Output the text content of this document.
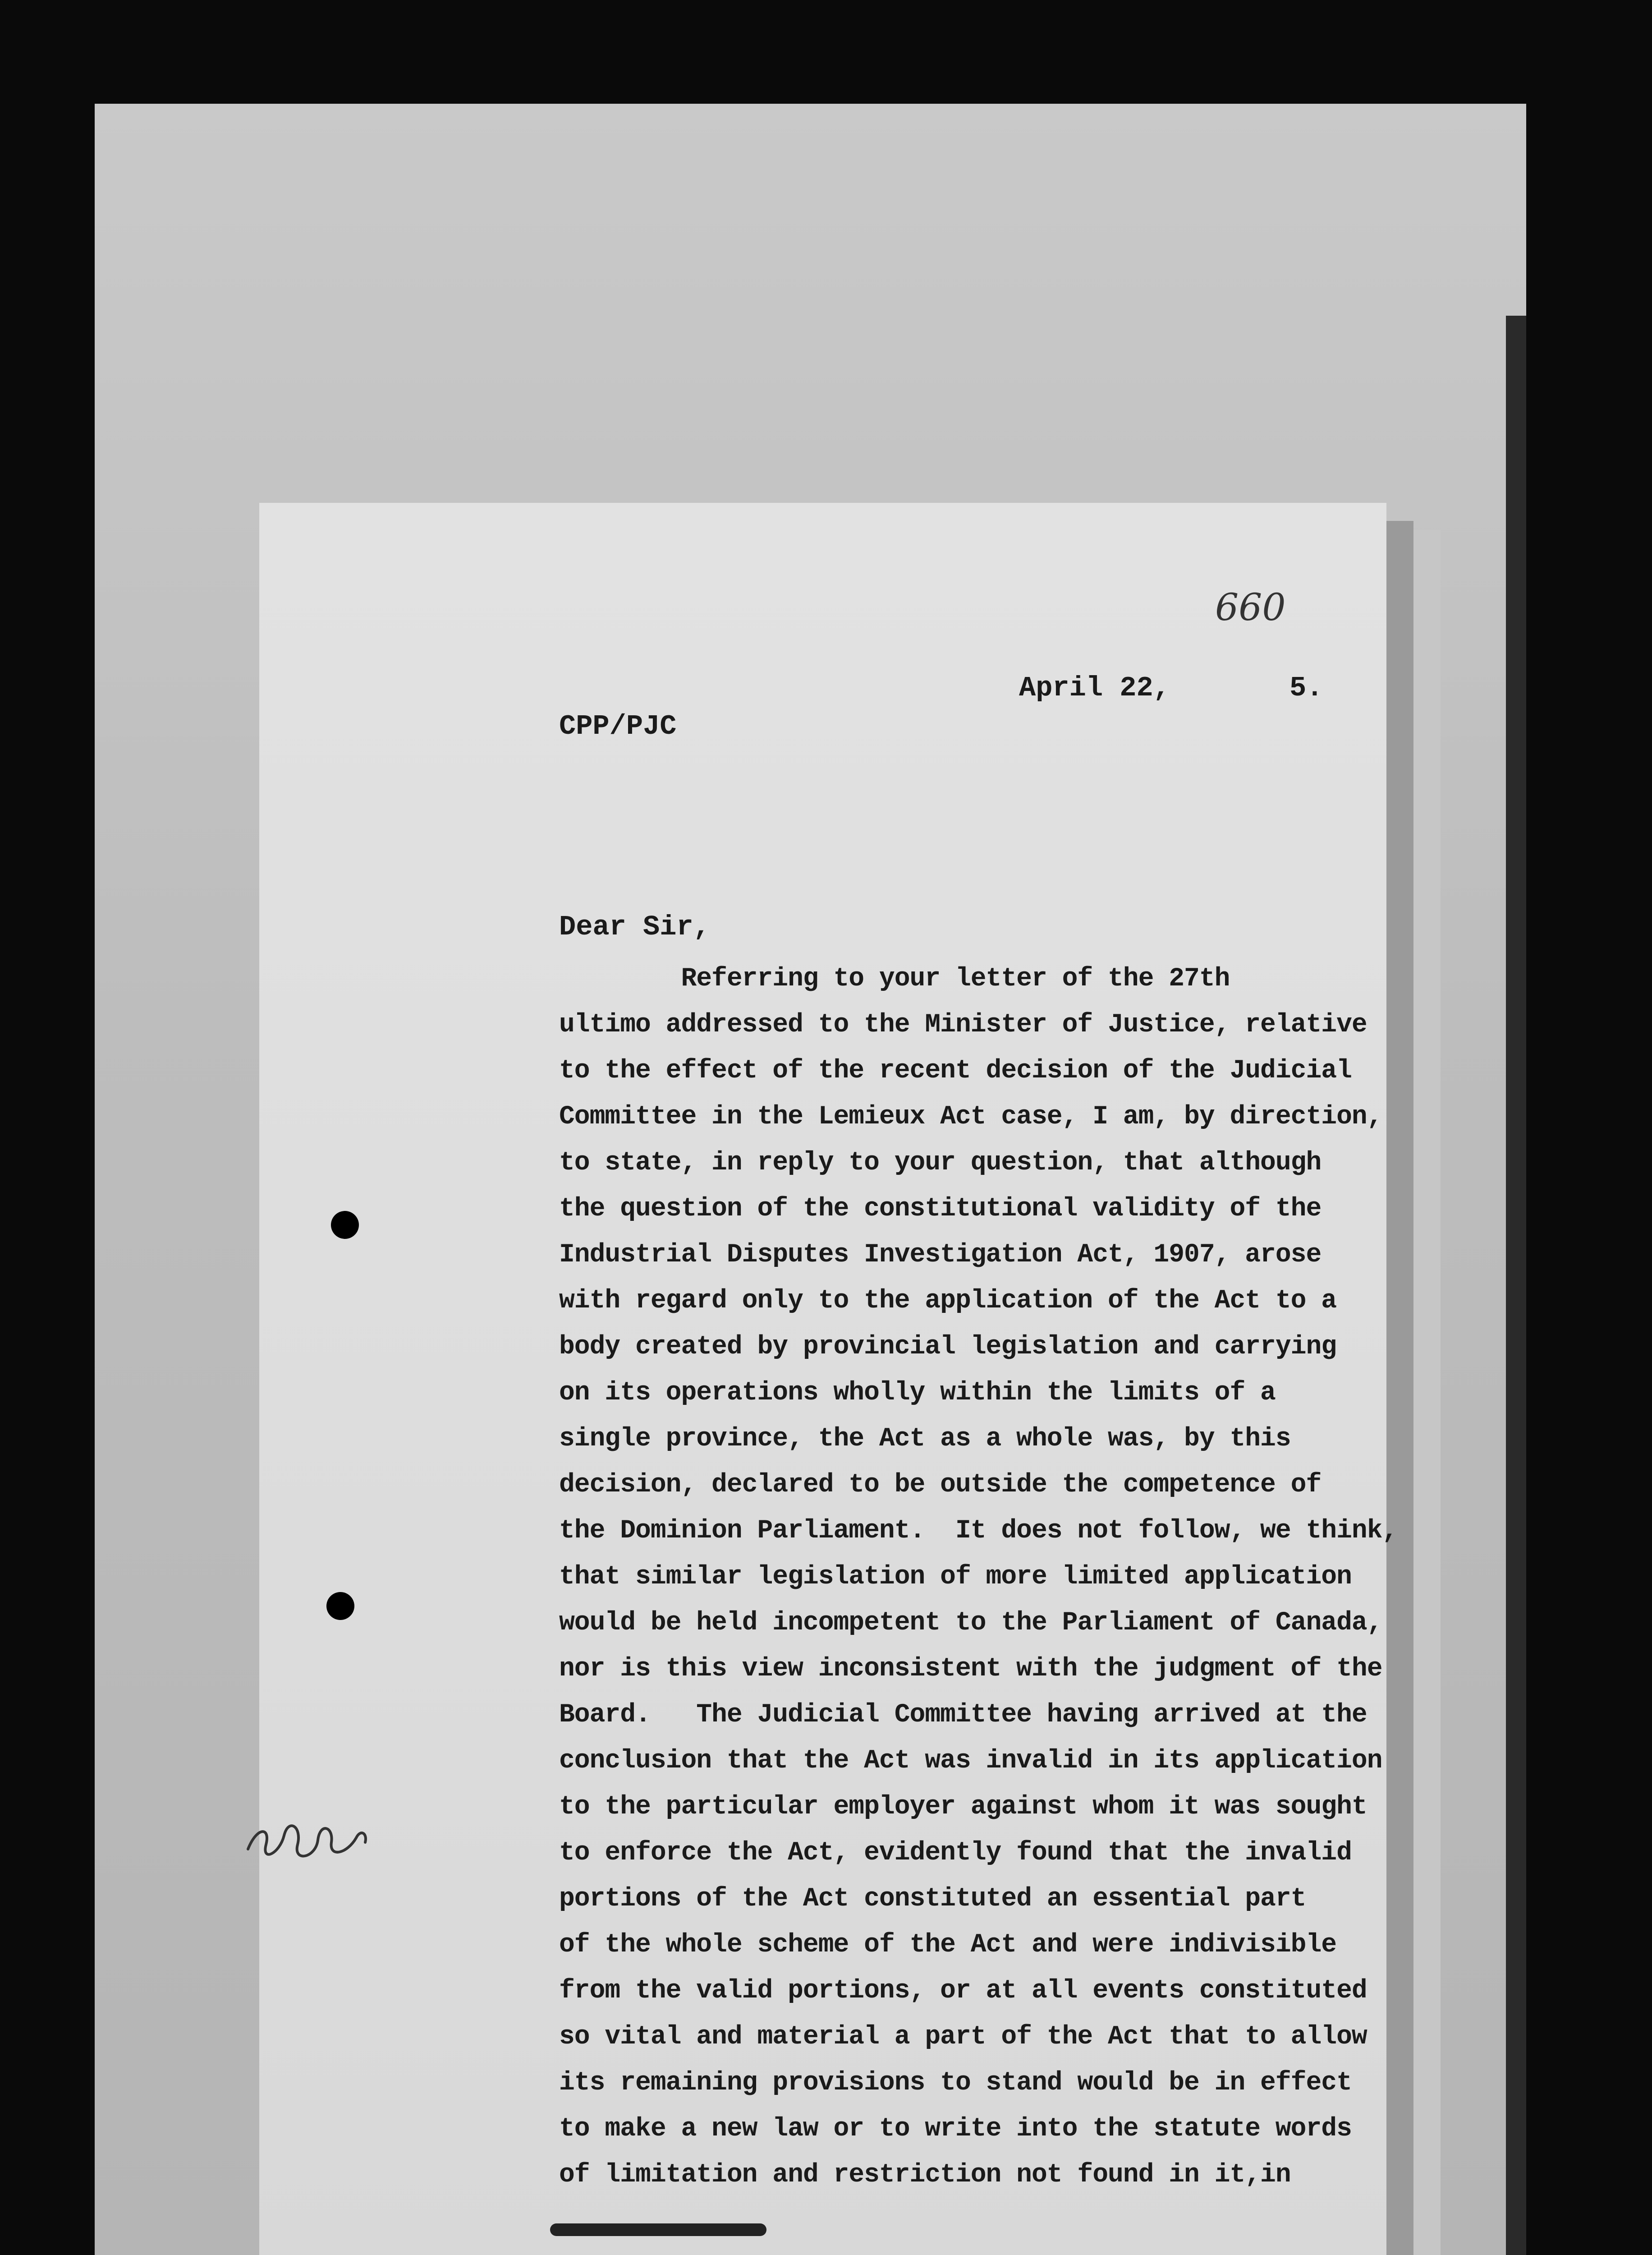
660
April 22,	5.
CPP/PJC
Dear Sir,
Referring to your letter of the 27th
ultimo addressed to the Minister of Justice, relative
to the effect of the recent decision of the Judicial
Committee in the Lemieux Act case, I am, by direction,
to state, in reply to your question, that although
the question of the constitutional validity of the
Industrial Disputes Investigation Act, 1907, arose
with regard only to the application of the Act to a
body created by provincial legislation and carrying
on its operations wholly within the limits of a
single province, the Act as a whole was, by this
decision, declared to be outside the competence of
the Dominion Parliament.  It does not follow, we think,
that similar legislation of more limited application
would be held incompetent to the Parliament of Canada,
nor is this view inconsistent with the judgment of the
Board.   The Judicial Committee having arrived at the
conclusion that the Act was invalid in its application
to the particular employer against whom it was sought
to enforce the Act, evidently found that the invalid
portions of the Act constituted an essential part
of the whole scheme of the Act and were indivisible
from the valid portions, or at all events constituted
so vital and material a part of the Act that to allow
its remaining provisions to stand would be in effect
to make a new law or to write into the statute words
of limitation and restriction not found in it,in
